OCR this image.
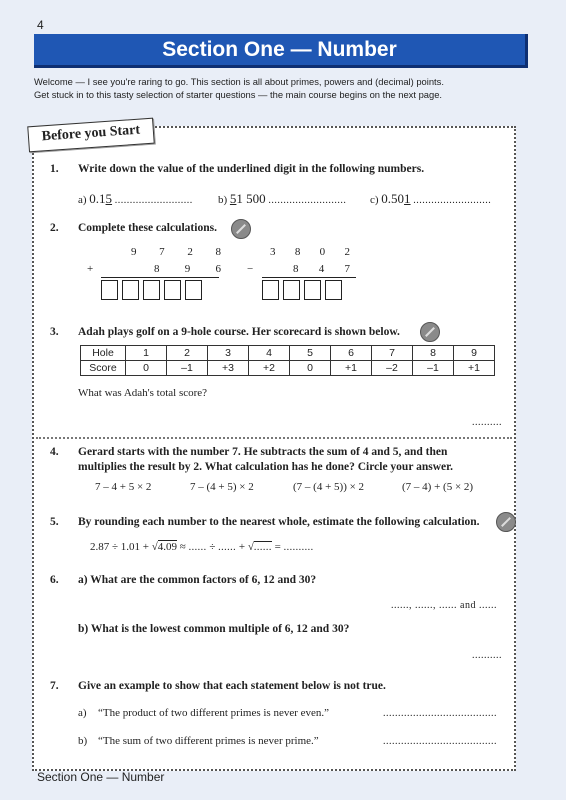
4
Section One — Number
Welcome — I see you're raring to go. This section is all about primes, powers and (decimal) points.
Get stuck in to this tasty selection of starter questions — the main course begins on the next page.
Before you Start
1. Write down the value of the underlined digit in the following numbers.
a) 0.15 .......................... b) 51 500 .......................... c) 0.501 ..........................
2. Complete these calculations.
9 7 2 8
+	8 9 6
3 8 0 2
−	8 4 7
3. Adah plays golf on a 9-hole course. Her scorecard is shown below.
Hole	1	2	3	4	5	6	7	8	9
Score	0	–1	+3	+2	0	+1	–2	–1	+1
What was Adah's total score?
..........
4. Gerard starts with the number 7. He subtracts the sum of 4 and 5, and then
multiplies the result by 2. What calculation has he done? Circle your answer.
7 – 4 + 5 × 2	7 – (4 + 5) × 2	(7 – (4 + 5)) × 2	(7 – 4) + (5 × 2)
5. By rounding each number to the nearest whole, estimate the following calculation.
2.87 ÷ 1.01 + √4.09 ≈ ...... ÷ ...... + √...... = ..........
6. a) What are the common factors of 6, 12 and 30?
......, ......, ...... and ......
b) What is the lowest common multiple of 6, 12 and 30?
..........
7. Give an example to show that each statement below is not true.
a) “The product of two different primes is never even.”	......................................
b) “The sum of two different primes is never prime.”	......................................
Section One — Number
